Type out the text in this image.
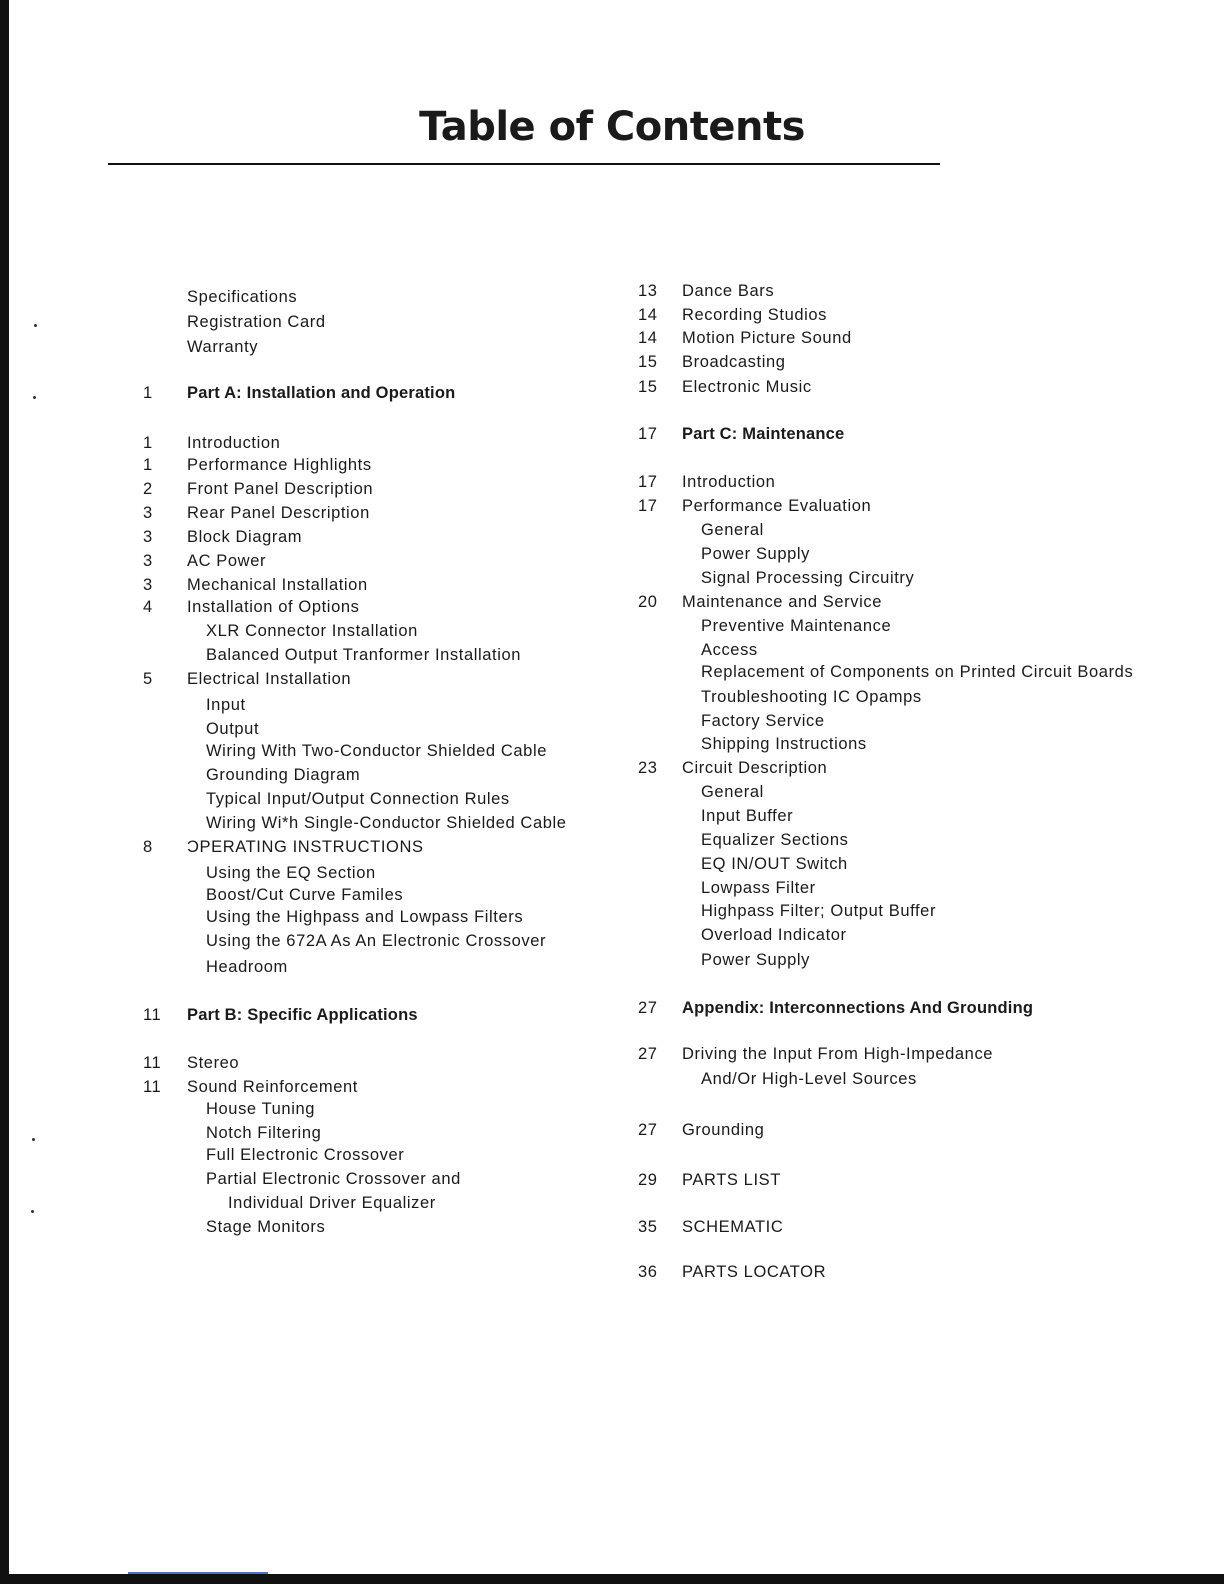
Table of Contents
Specifications
Registration Card
Warranty
1	Part A: Installation and Operation
1	Introduction
1	Performance Highlights
2	Front Panel Description
3	Rear Panel Description
3	Block Diagram
3	AC Power
3	Mechanical Installation
4	Installation of Options
XLR Connector Installation
Balanced Output Tranformer Installation
5	Electrical Installation
Input
Output
Wiring With Two-Conductor Shielded Cable
Grounding Diagram
Typical Input/Output Connection Rules
Wiring Wi*h Single-Conductor Shielded Cable
8	ƆPERATING INSTRUCTIONS
Using the EQ Section
Boost/Cut Curve Familes
Using the Highpass and Lowpass Filters
Using the 672A As An Electronic Crossover
Headroom
11	Part B: Specific Applications
11	Stereo
11	Sound Reinforcement
House Tuning
Notch Filtering
Full Electronic Crossover
Partial Electronic Crossover and
Individual Driver Equalizer
Stage Monitors
13	Dance Bars
14	Recording Studios
14	Motion Picture Sound
15	Broadcasting
15	Electronic Music
17	Part C: Maintenance
17	Introduction
17	Performance Evaluation
General
Power Supply
Signal Processing Circuitry
20	Maintenance and Service
Preventive Maintenance
Access
Replacement of Components on Printed Circuit Boards
Troubleshooting IC Opamps
Factory Service
Shipping Instructions
23	Circuit Description
General
Input Buffer
Equalizer Sections
EQ IN/OUT Switch
Lowpass Filter
Highpass Filter; Output Buffer
Overload Indicator
Power Supply
27	Appendix: Interconnections And Grounding
27	Driving the Input From High-Impedance
And/Or High-Level Sources
27	Grounding
29	PARTS LIST
35	SCHEMATIC
36	PARTS LOCATOR
